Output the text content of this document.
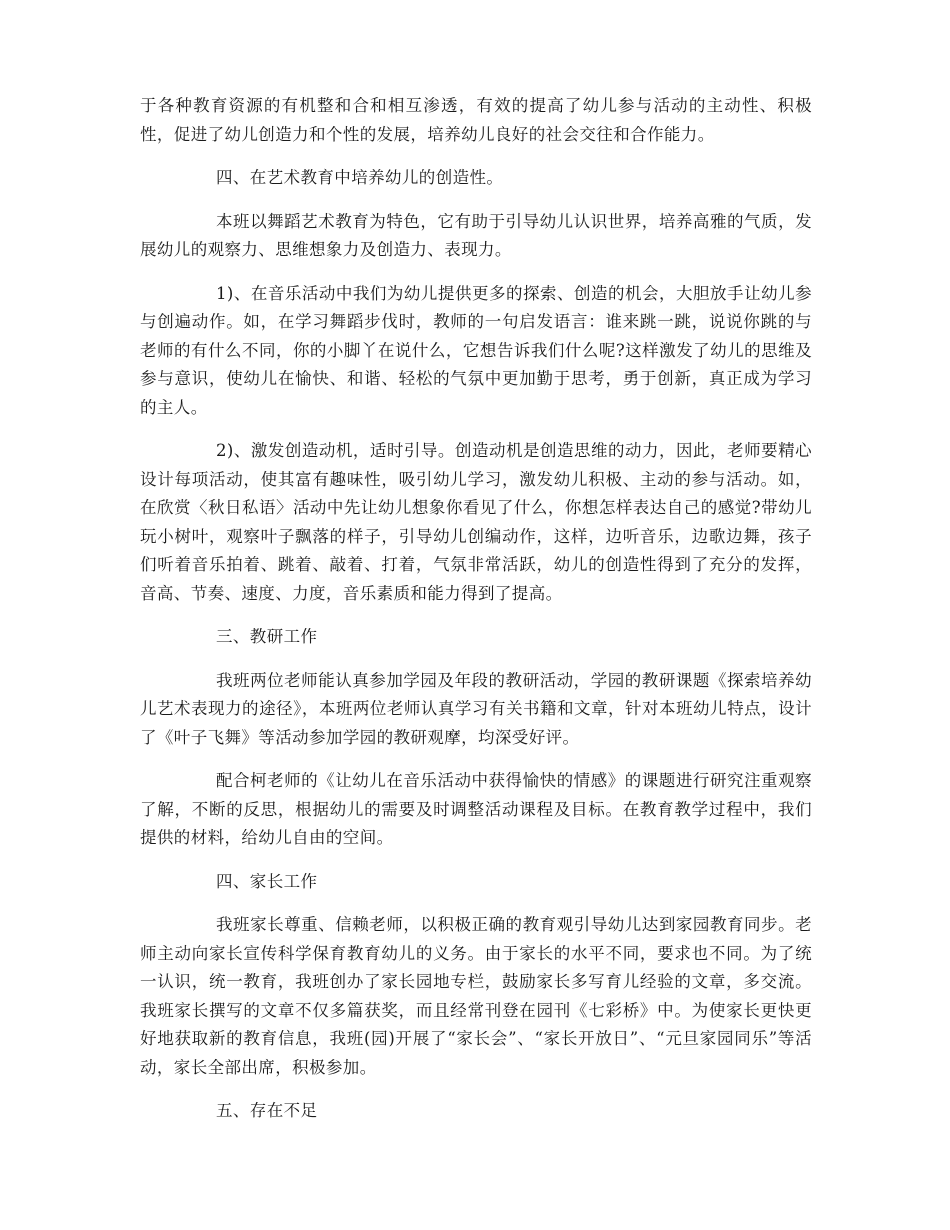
于各种教育资源的有机整和合和相互渗透，有效的提高了幼儿参与活动的主动性、积极性，促进了幼儿创造力和个性的发展，培养幼儿良好的社会交往和合作能力。

四、在艺术教育中培养幼儿的创造性。

本班以舞蹈艺术教育为特色，它有助于引导幼儿认识世界，培养高雅的气质，发展幼儿的观察力、思维想象力及创造力、表现力。

1)、在音乐活动中我们为幼儿提供更多的探索、创造的机会，大胆放手让幼儿参与创遍动作。如，在学习舞蹈步伐时，教师的一句启发语言：谁来跳一跳，说说你跳的与老师的有什么不同，你的小脚丫在说什么，它想告诉我们什么呢?这样激发了幼儿的思维及参与意识，使幼儿在愉快、和谐、轻松的气氛中更加勤于思考，勇于创新，真正成为学习的主人。

2)、激发创造动机，适时引导。创造动机是创造思维的动力，因此，老师要精心设计每项活动，使其富有趣味性，吸引幼儿学习，激发幼儿积极、主动的参与活动。如，在欣赏〈秋日私语〉活动中先让幼儿想象你看见了什么，你想怎样表达自己的感觉?带幼儿玩小树叶，观察叶子飘落的样子，引导幼儿创编动作，这样，边听音乐，边歌边舞，孩子们听着音乐拍着、跳着、敲着、打着，气氛非常活跃，幼儿的创造性得到了充分的发挥，音高、节奏、速度、力度，音乐素质和能力得到了提高。

三、教研工作

我班两位老师能认真参加学园及年段的教研活动，学园的教研课题《探索培养幼儿艺术表现力的途径》，本班两位老师认真学习有关书籍和文章，针对本班幼儿特点，设计了《叶子飞舞》等活动参加学园的教研观摩，均深受好评。

配合柯老师的《让幼儿在音乐活动中获得愉快的情感》的课题进行研究注重观察了解，不断的反思，根据幼儿的需要及时调整活动课程及目标。在教育教学过程中，我们提供的材料，给幼儿自由的空间。

四、家长工作

我班家长尊重、信赖老师，以积极正确的教育观引导幼儿达到家园教育同步。老师主动向家长宣传科学保育教育幼儿的义务。由于家长的水平不同，要求也不同。为了统一认识，统一教育，我班创办了家长园地专栏，鼓励家长多写育儿经验的文章，多交流。我班家长撰写的文章不仅多篇获奖，而且经常刊登在园刊《七彩桥》中。为使家长更快更好地获取新的教育信息，我班(园)开展了“家长会”、“家长开放日”、“元旦家园同乐”等活动，家长全部出席，积极参加。

五、存在不足
